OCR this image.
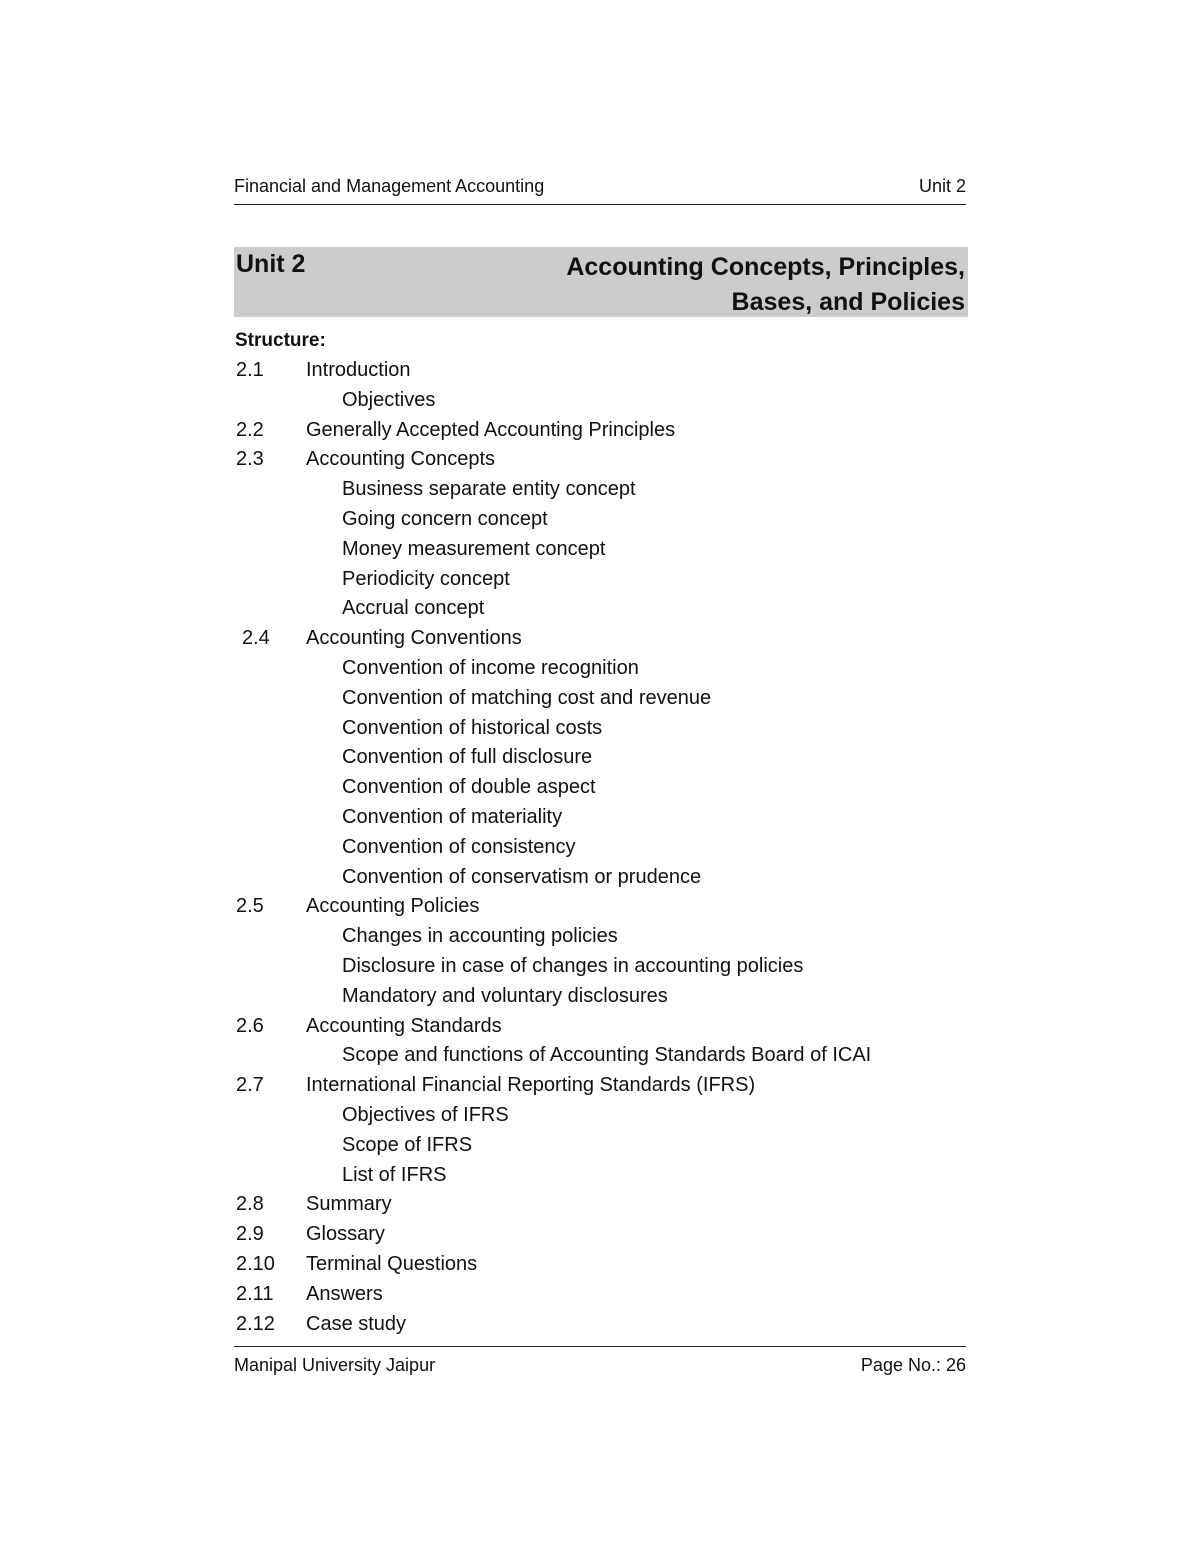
Financial and Management Accounting	Unit 2
Unit 2	Accounting Concepts, Principles,
Bases, and Policies
Structure:
2.1 Introduction
Objectives
2.2 Generally Accepted Accounting Principles
2.3 Accounting Concepts
Business separate entity concept
Going concern concept
Money measurement concept
Periodicity concept
Accrual concept
2.4 Accounting Conventions
Convention of income recognition
Convention of matching cost and revenue
Convention of historical costs
Convention of full disclosure
Convention of double aspect
Convention of materiality
Convention of consistency
Convention of conservatism or prudence
2.5 Accounting Policies
Changes in accounting policies
Disclosure in case of changes in accounting policies
Mandatory and voluntary disclosures
2.6 Accounting Standards
Scope and functions of Accounting Standards Board of ICAI
2.7 International Financial Reporting Standards (IFRS)
Objectives of IFRS
Scope of IFRS
List of IFRS
2.8 Summary
2.9 Glossary
2.10 Terminal Questions
2.11 Answers
2.12 Case study
Manipal University Jaipur	Page No.: 26
